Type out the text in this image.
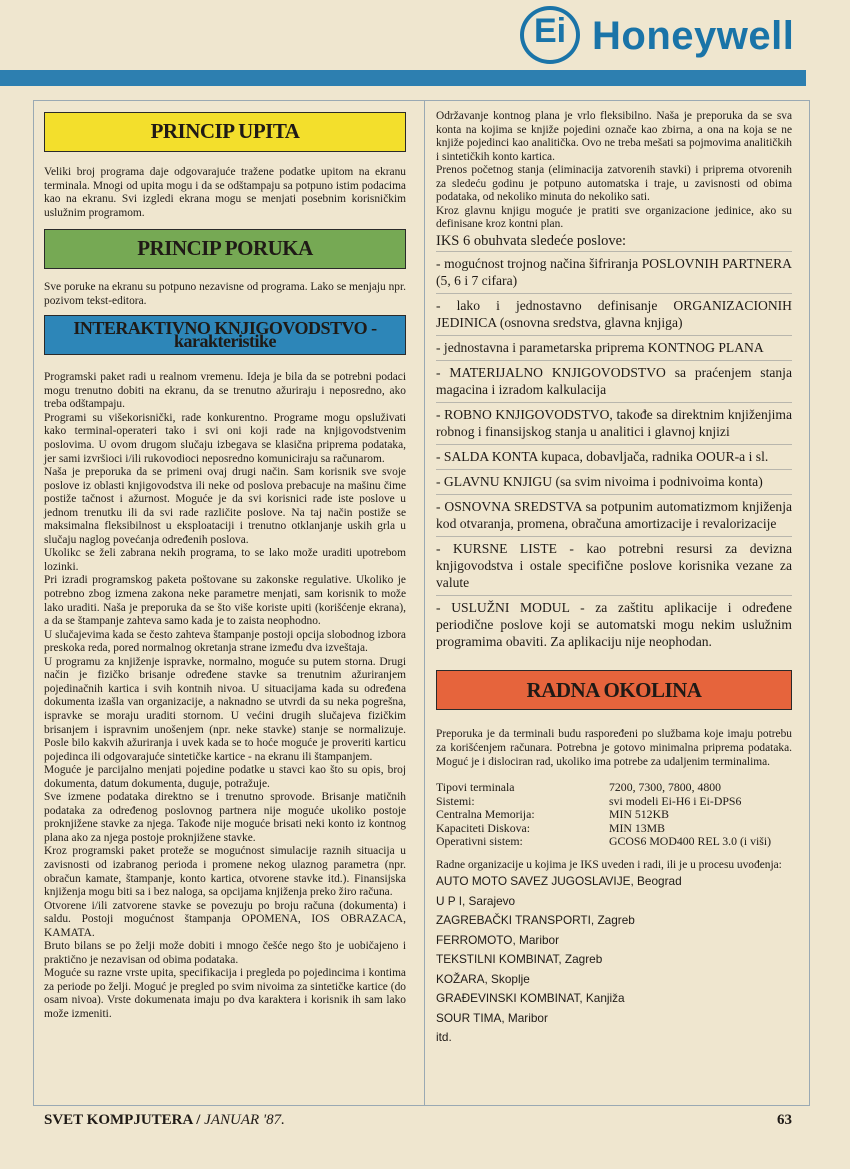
Ei Honeywell
PRINCIP UPITA

Veliki broj programa daje odgovarajuće tražene podatke upitom na ekranu terminala. Mnogi od upita mogu i da se odštampaju sa potpuno istim podacima kao na ekranu. Svi izgledi ekrana mogu se menjati posebnim korisničkim uslužnim programom.

PRINCIP PORUKA

Sve poruke na ekranu su potpuno nezavisne od programa. Lako se menjaju npr. pozivom tekst-editora.

INTERAKTIVNO KNJIGOVODSTVO - karakteristike

Programski paket radi u realnom vremenu. Ideja je bila da se potrebni podaci mogu trenutno dobiti na ekranu, da se trenutno ažuriraju i neposredno, ako treba odštampaju.

Programi su višekorisnički, rade konkurentno. Programe mogu opsluživati kako terminal-operateri tako i svi oni koji rade na knjigovodstvenim poslovima. U ovom drugom slučaju izbegava se klasična priprema podataka, jer sami izvršioci i/ili rukovodioci neposredno komuniciraju sa računarom.

Naša je preporuka da se primeni ovaj drugi način. Sam korisnik sve svoje poslove iz oblasti knjigovodstva ili neke od poslova prebacuje na mašinu čime postiže tačnost i ažurnost. Moguće je da svi korisnici rade iste poslove u jednom trenutku ili da svi rade različite poslove. Na taj način postiže se maksimalna fleksibilnost u eksploataciji i trenutno otklanjanje uskih grla u slučaju naglog povećanja određenih poslova.

Ukolikc se želi zabrana nekih programa, to se lako može uraditi upotrebom lozinki.

Pri izradi programskog paketa poštovane su zakonske regulative. Ukoliko je potrebno zbog izmena zakona neke parametre menjati, sam korisnik to može lako uraditi. Naša je preporuka da se što više koriste upiti (korišćenje ekrana), a da se štampanje zahteva samo kada je to zaista neophodno.

U slučajevima kada se često zahteva štampanje postoji opcija slobodnog izbora preskoka reda, pored normalnog okretanja strane između dva izveštaja.

U programu za knjiženje ispravke, normalno, moguće su putem storna. Drugi način je fizičko brisanje određene stavke sa trenutnim ažuriranjem pojedinačnih kartica i svih kontnih nivoa. U situacijama kada su određena dokumenta izašla van organizacije, a naknadno se utvrdi da su neka pogrešna, ispravke se moraju uraditi stornom. U većini drugih slučajeva fizičkim brisanjem i ispravnim unošenjem (npr. neke stavke) stanje se normalizuje. Posle bilo kakvih ažuriranja i uvek kada se to hoće moguće je proveriti karticu pojedinca ili odgovarajuće sintetičke kartice - na ekranu ili štampanjem.

Moguće je parcijalno menjati pojedine podatke u stavci kao što su opis, broj dokumenta, datum dokumenta, duguje, potražuje.

Sve izmene podataka direktno se i trenutno sprovode. Brisanje matičnih podataka za određenog poslovnog partnera nije moguće ukoliko postoje proknjižene stavke za njega. Takođe nije moguće brisati neki konto iz kontnog plana ako za njega postoje proknjižene stavke.

Kroz programski paket proteže se mogućnost simulacije raznih situacija u zavisnosti od izabranog perioda i promene nekog ulaznog parametra (npr. obračun kamate, štampanje, konto kartica, otvorene stavke itd.). Finansijska knjiženja mogu biti sa i bez naloga, sa opcijama knjiženja preko žiro računa.

Otvorene i/ili zatvorene stavke se povezuju po broju računa (dokumenta) i saldu. Postoji mogućnost štampanja OPOMENA, IOS OBRAZACA, KAMATA.

Bruto bilans se po želji može dobiti i mnogo češće nego što je uobičajeno i praktično je nezavisan od obima podataka.

Moguće su razne vrste upita, specifikacija i pregleda po pojedincima i kontima za periode po želji. Moguć je pregled po svim nivoima za sintetičke kartice (do osam nivoa). Vrste dokumenata imaju po dva karaktera i korisnik ih sam lako može izmeniti.

Održavanje kontnog plana je vrlo fleksibilno. Naša je preporuka da se sva konta na kojima se knjiže pojedini označe kao zbirna, a ona na koja se ne knjiže pojedinci kao analitička. Ovo ne treba mešati sa pojmovima analitičkih i sintetičkih konto kartica.

Prenos početnog stanja (eliminacija zatvorenih stavki) i priprema otvorenih za sledeću godinu je potpuno automatska i traje, u zavisnosti od obima podataka, od nekoliko minuta do nekoliko sati.

Kroz glavnu knjigu moguće je pratiti sve organizacione jedinice, ako su definisane kroz kontni plan.

IKS 6 obuhvata sledeće poslove:
- mogućnost trojnog načina šifriranja POSLOVNIH PARTNERA (5, 6 i 7 cifara)
- lako i jednostavno definisanje ORGANIZACIONIH JEDINICA (osnovna sredstva, glavna knjiga)
- jednostavna i parametarska priprema KONTNOG PLANA
- MATERIJALNO KNJIGOVODSTVO sa praćenjem stanja magacina i izradom kalkulacija
- ROBNO KNJIGOVODSTVO, takođe sa direktnim knjiženjima robnog i finansijskog stanja u analitici i glavnoj knjizi
- SALDA KONTA kupaca, dobavljača, radnika OOUR-a i sl.
- GLAVNU KNJIGU (sa svim nivoima i podnivoima konta)
- OSNOVNA SREDSTVA sa potpunim automatizmom knjiženja kod otvaranja, promena, obračuna amortizacije i revalorizacije
- KURSNE LISTE - kao potrebni resursi za devizna knjigovodstva i ostale specifične poslove korisnika vezane za valute
- USLUŽNI MODUL - za zaštitu aplikacije i određene periodične poslove koji se automatski mogu nekim uslužnim programima obaviti. Za aplikaciju nije neophodan.
RADNA OKOLINA

Preporuka je da terminali budu raspoređeni po službama koje imaju potrebu za korišćenjem računara. Potrebna je gotovo minimalna priprema podataka. Moguć je i dislociran rad, ukoliko ima potrebe za udaljenim terminalima.

Tipovi terminala	7200, 7300, 7800, 4800
Sistemi:	svi modeli Ei-H6 i Ei-DPS6
Centralna Memorija:	MIN 512KB
Kapaciteti Diskova:	MIN 13MB
Operativni sistem:	GCOS6 MOD400 REL 3.0 (i viši)

Radne organizacije u kojima je IKS uveden i radi, ili je u procesu uvođenja:

AUTO MOTO SAVEZ JUGOSLAVIJE, Beograd
U P I, Sarajevo
ZAGREBAČKI TRANSPORTI, Zagreb
FERROMOTO, Maribor
TEKSTILNI KOMBINAT, Zagreb
KOŽARA, Skoplje
GRAĐEVINSKI KOMBINAT, Kanjiža
SOUR TIMA, Maribor
itd.
SVET KOMPJUTERA / JANUAR '87.	63
